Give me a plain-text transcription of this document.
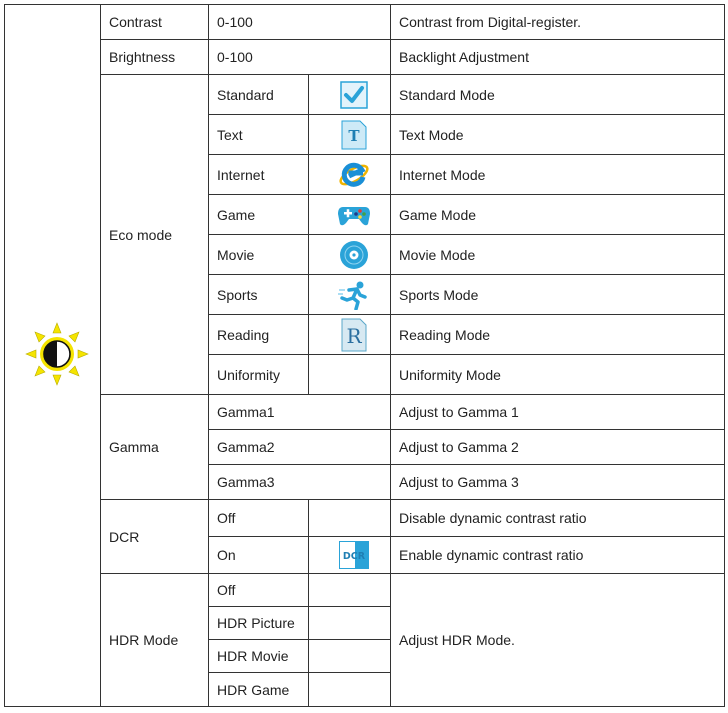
	Contrast	0-100		Contrast from Digital-register.
	Brightness	0-100		Backlight Adjustment
	Eco mode	Standard		Standard Mode
		Text	T	Text Mode
		Internet		Internet Mode
		Game		Game Mode
		Movie		Movie Mode
		Sports		Sports Mode
		Reading	R	Reading Mode
		Uniformity		Uniformity Mode
	Gamma	Gamma1		Adjust to Gamma 1
		Gamma2		Adjust to Gamma 2
		Gamma3		Adjust to Gamma 3
	DCR	Off		Disable dynamic contrast ratio
		On	DCR	Enable dynamic contrast ratio
	HDR Mode	Off		Adjust HDR Mode.
		HDR Picture		
		HDR Movie		
		HDR Game		
